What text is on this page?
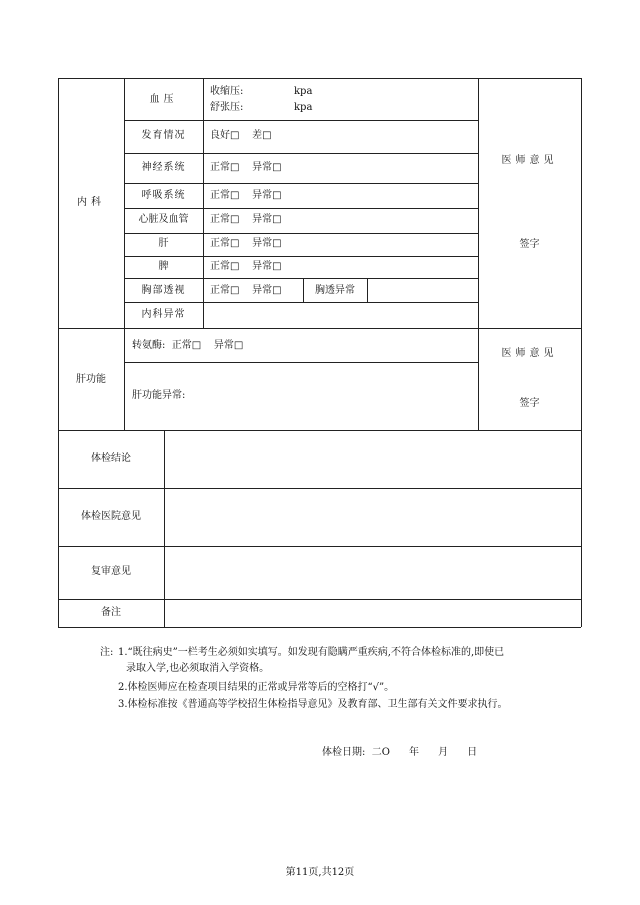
内科
血压
收缩压:	kpa
舒张压:	kpa
发育情况	良好□    差□
神经系统	正常□    异常□
呼吸系统	正常□    异常□
心脏及血管	正常□    异常□
肝	正常□    异常□
脾	正常□    异常□
胸部透视	正常□    异常□	胸透异常
内科异常
医师意见
签字
肝功能
转氨酶:  正常□    异常□
肝功能异常:
医师意见
签字
体检结论
体检医院意见
复审意见
备注
注: 1.“既往病史”一栏考生必须如实填写。如发现有隐瞒严重疾病,不符合体检标准的,即使已
录取入学,也必须取消入学资格。
2.体检医师应在检查项目结果的正常或异常等后的空格打“√”。
3.体检标准按《普通高等学校招生体检指导意见》及教育部、卫生部有关文件要求执行。
体检日期:  二O      年      月      日
第11页,共12页
